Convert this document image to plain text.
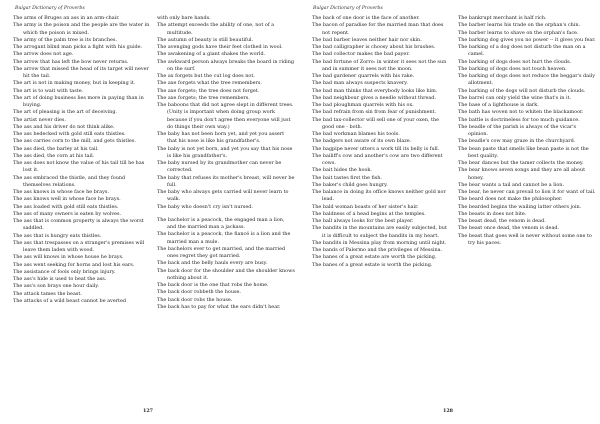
Bulgar Dictionary of Proverbs

The arms of Bruges an ass in an arm-chair.

The army is the poison and the people are the water in which the poison is mixed.

The army of the palm tree is its branches.

The arrogant blind man picks a fight with his guide.

The arrow does not age.

The arrow that has left the bow never returns.

The arrow that missed the head of its target will never hit the tail.

The art is not in making money, but in keeping it.

The art is to wait with taste.

The art of doing business lies more in paying than in buying.

The art of pleasing is the art of deceiving.

The artist never dies.

The ass and his driver do not think alike.

The ass bedecked with gold still eats thistles.

The ass carries corn to the mill, and gets thistles.

The ass died, the barley at his tail.

The ass died, the corn at his tail.

The ass does not know the value of his tail till he has lost it.

The ass embraced the thistle, and they found themselves relations.

The ass knows in whose face he brays.

The ass knows well in whose face he brays.

The ass loaded with gold still eats thistles.

The ass of many owners is eaten by wolves.

The ass that is common property is always the worst saddled.

The ass that is hungry eats thistles.

The ass that trespasses on a stranger's premises will leave them laden with wood.

The ass will knows in whose house he brays.

The ass went seeking for horns and lost his ears.

The assistance of fools only brings injury.

The ass's hide is used to beat the ass.

The ass's son brays one hour daily.

The attack tames the beast.

The attacks of a wild beast cannot be averted

with only bare hands.

The attempt exceeds the ability of one, not of a multitude.

The autumn of beauty is still beautiful.

The avenging gods have their feet clothed in wool.

The awakening of a giant shakes the world.

The awkward person always breaks the board in riding on the surf.

The ax forgets but the cut log does not.

The axe forgets what the tree remembers.

The axe forgets; the tree does not forget.

The axe forgets; the tree remembers.

The baboons that did not agree slept in different trees. (Unity is important when doing group work because if you don't agree then everyone will just do things their own way.)

The baby has not been born yet, and yet you assert that his nose is like his grandfather's.

The baby is not yet born, and yet you say that his nose is like his grandfather's.

The baby nursed by its grandmother can never be corrected.

The baby that refuses its mother's breast, will never be full.

The baby who always gets carried will never learn to walk.

The baby who doesn't cry isn't nursed.

The bachelor is a peacock, the engaged man a lion, and the married man a jackass.

The bachelor is a peacock, the fiancé is a lion and the married man a mule.

The bachelors ever to get married, and the married ones regret they got married.

The back and the belly hauls every are busy.

The back door for the shoulder and the shoulder knows nothing about it.

The back door is the one that robs the home.

The back door robbeth the house.

The back door robs the house.

The back has to pay for what the ears didn't hear.

127
Bulgar Dictionary of Proverbs

The back of one door is the face of another.

The bacon of paradise for the married man that does not repent.

The bad barber leaves neither hair nor skin.

The bad calligrapher is choosy about his brushes.

The bad collector makes the bad payer.

The bad fortune of Zorro: in winter it sees not the sun and in summer it sees not the moon.

The bad gardener quarrels with his rake.

The bad man always suspects knavery.

The bad man thinks that everybody looks like him.

The bad neighbour gives a needle without thread.

The bad ploughman quarrels with his ox.

The bad refrain from sin from fear of punishment.

The bad tax-collector will sell one of your oxen, the good one - both.

The bad workman blames his tools.

The badgers not aware of its own blaze.

The bagpipe never utters a work till its belly is full.

The bailiff's cow and another's cow are two different cows.

The bait hides the hook.

The bait tastes first the fish.

The baker's child goes hungry.

The balance in doing its office knows neither gold nor lead.

The bald woman boasts of her sister's hair.

The baldness of a head begins at the temples.

The ball always looks for the best player.

The bandits in the mountains are easily subjected, but it is difficult to subject the bandits in my heart.

The bandits in Messina play from morning until night.

The bands of Palermo and the privileges of Messina.

The banes of a great estate are worth the picking.

The banes of a great estate is worth the picking.

The bankrupt merchant is half rich.

The barber learns his trade on the orphan's chin.

The barber learns to shave on the orphan's face.

The barking dog gives you no power -- it gives you fear.

The barking of a dog does not disturb the man on a camel.

The barking of dogs does not hurt the clouds.

The barking of dogs does not touch heaven.

The barking of dogs does not reduce the beggar's daily allotment.

The barking of the dogs will not disturb the clouds.

The barrel can only yield the wine that's in it.

The base of a lighthouse is dark.

The bath has woven not to whiten the blackamoor.

The battle is doctrineless for too much guidance.

The beadle of the parish is always of the vicar's opinion.

The beadle's cow may graze in the churchyard.

The bean paste that smells like bean paste is not the best quality.

The bear dances but the tamer collects the money.

The bear knows seven songs and they are all about honey.

The bear wants a tail and cannot be a lion.

The bear, he never can prevail to lion it for want of tail.

The beard does not make the philosopher.

The bearded begins the wailing latter others join.

The beasts in does not bite.

The beast dead, the venom is dead.

The beast once dead, the venom is dead.

The beast that goes well is never without some one to try his paces.

128
